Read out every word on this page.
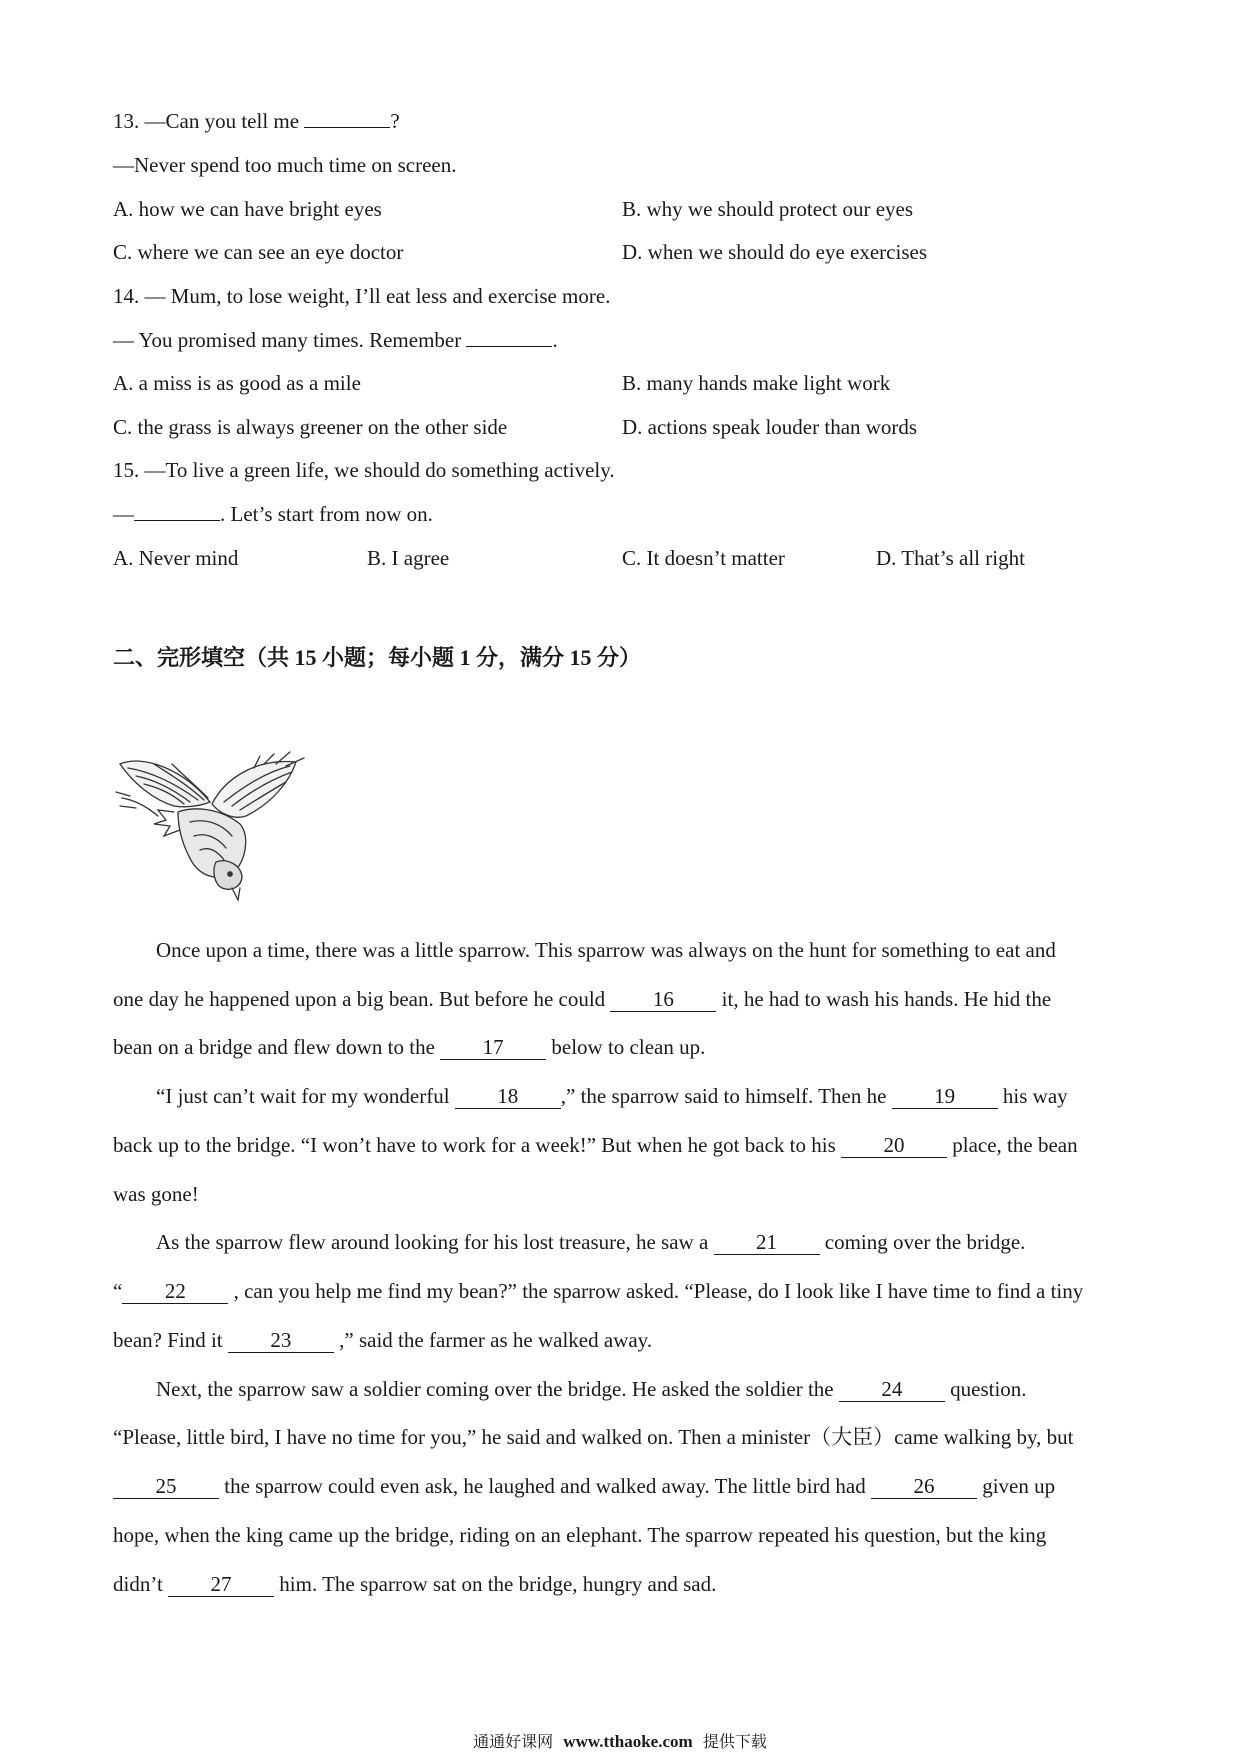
13. —Can you tell me	?
—Never spend too much time on screen.
A. how we can have bright eyes	B. why we should protect our eyes
C. where we can see an eye doctor	D. when we should do eye exercises
14. — Mum, to lose weight, I’ll eat less and exercise more.
— You promised many times. Remember	.
A. a miss is as good as a mile	B. many hands make light work
C. the grass is always greener on the other side	D. actions speak louder than words
15. —To live a green life, we should do something actively.
—	. Let’s start from now on.
A. Never mind	B. I agree	C. It doesn’t matter	D. That’s all right
二、完形填空（共 15 小题；每小题 1 分，满分 15 分）
Once upon a time, there was a little sparrow. This sparrow was always on the hunt for something to eat and
one day he happened upon a big bean. But before he could 16 it, he had to wash his hands. He hid the
bean on a bridge and flew down to the 17 below to clean up.
“I just can’t wait for my wonderful 18 ,” the sparrow said to himself. Then he 19 his way
back up to the bridge. “I won’t have to work for a week!” But when he got back to his 20 place, the bean
was gone!
As the sparrow flew around looking for his lost treasure, he saw a 21 coming over the bridge.
“ 22 , can you help me find my bean?” the sparrow asked. “Please, do I look like I have time to find a tiny
bean? Find it 23 ,” said the farmer as he walked away.
Next, the sparrow saw a soldier coming over the bridge. He asked the soldier the 24 question.
“Please, little bird, I have no time for you,” he said and walked on. Then a minister（大臣）came walking by, but
25 the sparrow could even ask, he laughed and walked away. The little bird had 26 given up
hope, when the king came up the bridge, riding on an elephant. The sparrow repeated his question, but the king
didn’t 27 him. The sparrow sat on the bridge, hungry and sad.
通通好课网 www.tthaoke.com 提供下载
